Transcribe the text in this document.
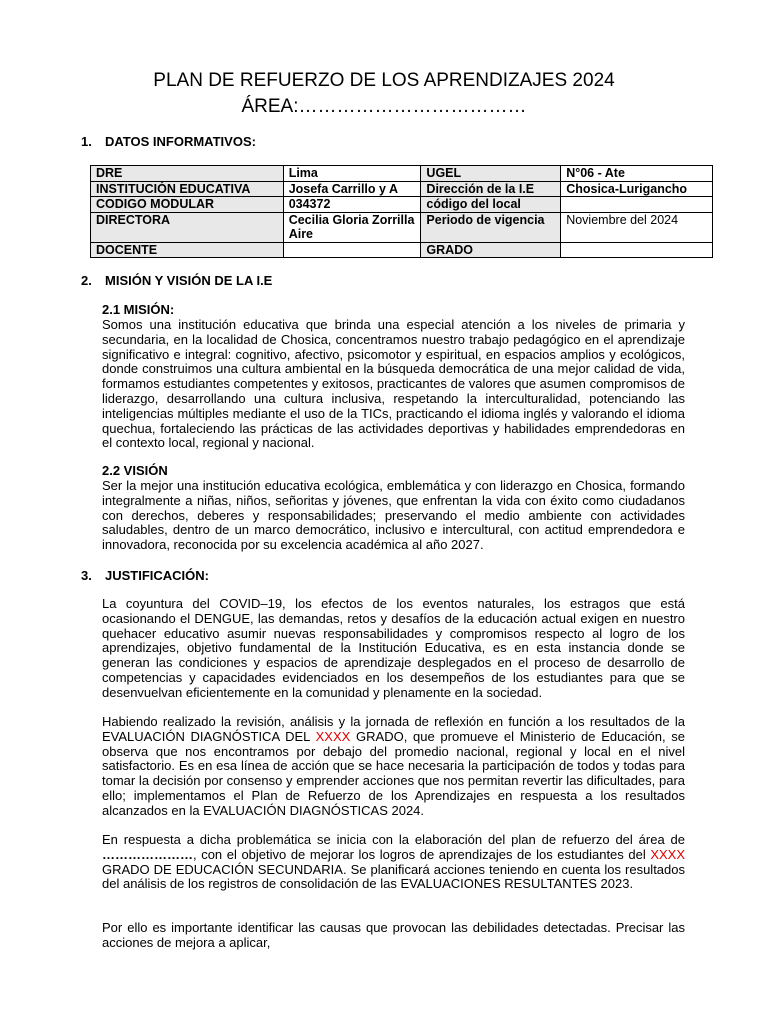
PLAN DE REFUERZO DE LOS APRENDIZAJES 2024
ÁREA:………………………………
1. DATOS INFORMATIVOS:
DRE	Lima	UGEL	N°06 - Ate
INSTITUCIÓN EDUCATIVA	Josefa Carrillo y A	Dirección de la I.E	Chosica-Lurigancho
CODIGO MODULAR	034372	código del local	
DIRECTORA	Cecilia Gloria Zorrilla Aire	Periodo de vigencia	Noviembre del 2024
DOCENTE		GRADO	
2. MISIÓN Y VISIÓN DE LA I.E
2.1 MISIÓN:

Somos una institución educativa que brinda una especial atención a los niveles de primaria y secundaria, en la localidad de Chosica, concentramos nuestro trabajo pedagógico en el aprendizaje significativo e integral: cognitivo, afectivo, psicomotor y espiritual, en espacios amplios y ecológicos, donde construimos una cultura ambiental en la búsqueda democrática de una mejor calidad de vida, formamos estudiantes competentes y exitosos, practicantes de valores que asumen compromisos de liderazgo, desarrollando una cultura inclusiva, respetando la interculturalidad, potenciando las inteligencias múltiples mediante el uso de la TICs, practicando el idioma inglés y valorando el idioma quechua, fortaleciendo las prácticas de las actividades deportivas y habilidades emprendedoras en el contexto local, regional y nacional.

2.2 VISIÓN

Ser la mejor una institución educativa ecológica, emblemática y con liderazgo en Chosica, formando integralmente a niñas, niños, señoritas y jóvenes, que enfrentan la vida con éxito como ciudadanos con derechos, deberes y responsabilidades; preservando el medio ambiente con actividades saludables, dentro de un marco democrático, inclusivo e intercultural, con actitud emprendedora e innovadora, reconocida por su excelencia académica al año 2027.

3. JUSTIFICACIÓN:

La coyuntura del COVID–19, los efectos de los eventos naturales, los estragos que está ocasionando el DENGUE, las demandas, retos y desafíos de la educación actual exigen en nuestro quehacer educativo asumir nuevas responsabilidades y compromisos respecto al logro de los aprendizajes, objetivo fundamental de la Institución Educativa, es en esta instancia donde se generan las condiciones y espacios de aprendizaje desplegados en el proceso de desarrollo de competencias y capacidades evidenciados en los desempeños de los estudiantes para que se desenvuelvan eficientemente en la comunidad y plenamente en la sociedad.

Habiendo realizado la revisión, análisis y la jornada de reflexión en función a los resultados de la EVALUACIÓN DIAGNÓSTICA DEL XXXX GRADO, que promueve el Ministerio de Educación, se observa que nos encontramos por debajo del promedio nacional, regional y local en el nivel satisfactorio. Es en esa línea de acción que se hace necesaria la participación de todos y todas para tomar la decisión por consenso y emprender acciones que nos permitan revertir las dificultades, para ello; implementamos el Plan de Refuerzo de los Aprendizajes en respuesta a los resultados alcanzados en la EVALUACIÓN DIAGNÓSTICAS 2024.

En respuesta a dicha problemática se inicia con la elaboración del plan de refuerzo del área de …………………, con el objetivo de mejorar los logros de aprendizajes de los estudiantes del XXXX GRADO DE EDUCACIÓN SECUNDARIA. Se planificará acciones teniendo en cuenta los resultados del análisis de los registros de consolidación de las EVALUACIONES RESULTANTES 2023.

Por ello es importante identificar las causas que provocan las debilidades detectadas. Precisar las acciones de mejora a aplicar,
